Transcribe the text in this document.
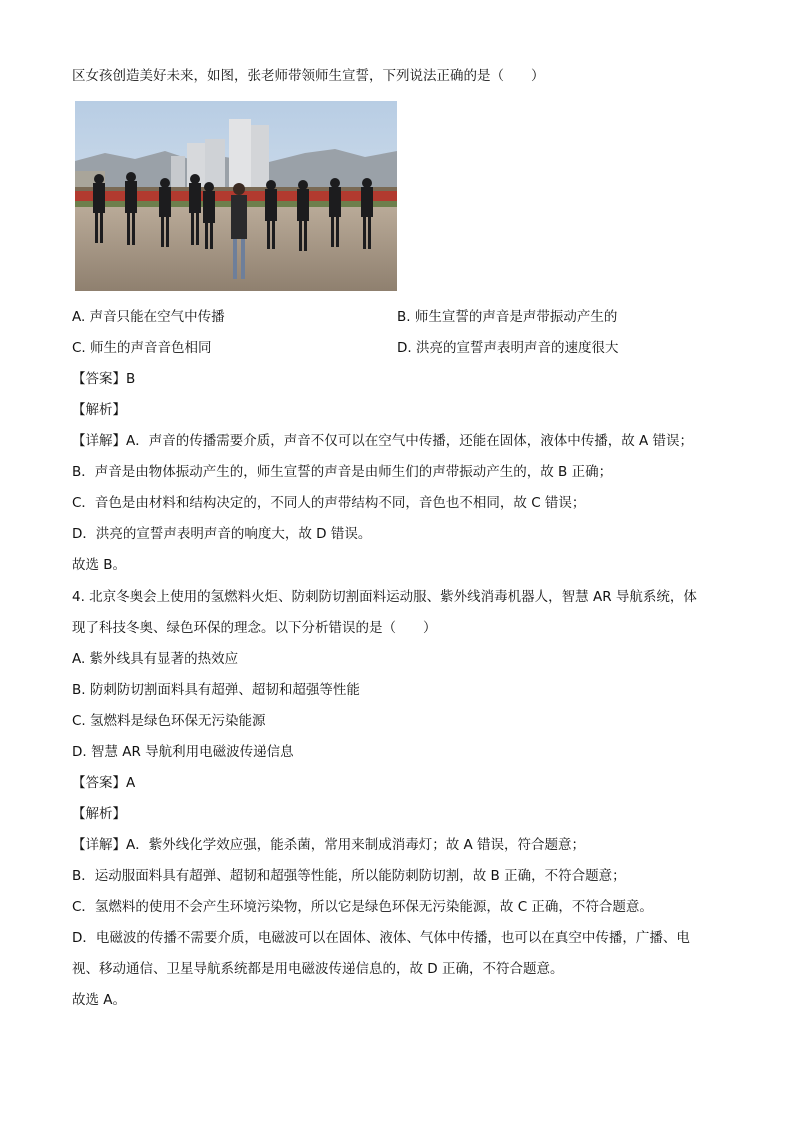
区女孩创造美好未来，如图，张老师带领师生宣誓，下列说法正确的是（　　）
A. 声音只能在空气中传播	B. 师生宣誓的声音是声带振动产生的
C. 师生的声音音色相同	D. 洪亮的宣誓声表明声音的速度很大
【答案】B
【解析】
【详解】A．声音的传播需要介质，声音不仅可以在空气中传播，还能在固体，液体中传播，故 A 错误；
B．声音是由物体振动产生的，师生宣誓的声音是由师生们的声带振动产生的，故 B 正确；
C．音色是由材料和结构决定的，不同人的声带结构不同，音色也不相同，故 C 错误；
D．洪亮的宣誓声表明声音的响度大，故 D 错误。
故选 B。
4. 北京冬奥会上使用的氢燃料火炬、防刺防切割面料运动服、紫外线消毒机器人，智慧 AR 导航系统，体
现了科技冬奥、绿色环保的理念。以下分析错误的是（　　）
A. 紫外线具有显著的热效应
B. 防刺防切割面料具有超弹、超韧和超强等性能
C. 氢燃料是绿色环保无污染能源
D. 智慧 AR 导航利用电磁波传递信息
【答案】A
【解析】
【详解】A．紫外线化学效应强，能杀菌，常用来制成消毒灯；故 A 错误，符合题意；
B．运动服面料具有超弹、超韧和超强等性能，所以能防刺防切割，故 B 正确，不符合题意；
C．氢燃料的使用不会产生环境污染物，所以它是绿色环保无污染能源，故 C 正确，不符合题意。
D．电磁波的传播不需要介质，电磁波可以在固体、液体、气体中传播，也可以在真空中传播，广播、电
视、移动通信、卫星导航系统都是用电磁波传递信息的，故 D 正确，不符合题意。
故选 A。
